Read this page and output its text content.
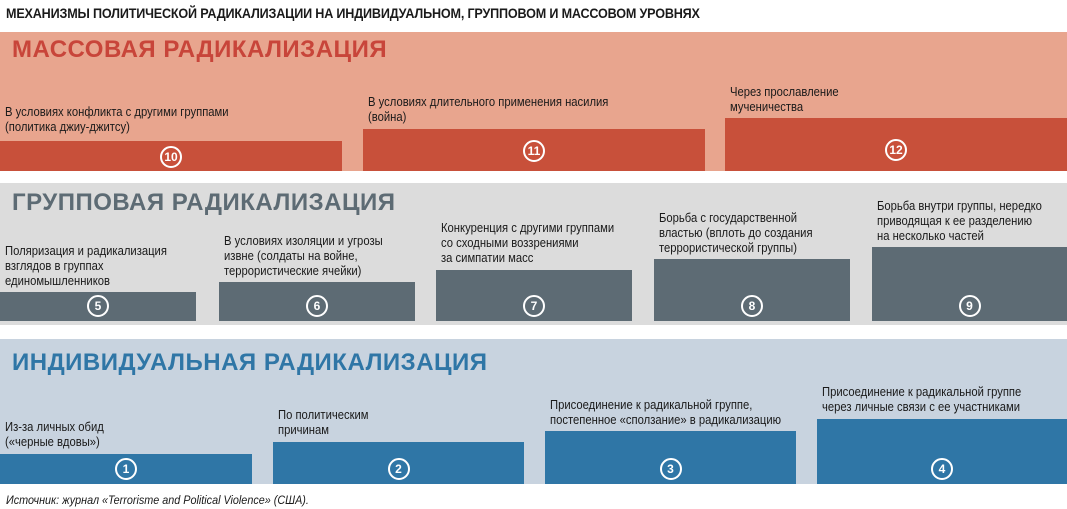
МЕХАНИЗМЫ ПОЛИТИЧЕСКОЙ РАДИКАЛИЗАЦИИ НА ИНДИВИДУАЛЬНОМ, ГРУППОВОМ И МАССОВОМ УРОВНЯХ
МАССОВАЯ РАДИКАЛИЗАЦИЯ
В условиях конфликта с другими группами
(политика джиу-джитсу)
10
В условиях длительного применения насилия
(война)
11
Через прославление
мученичества
12
ГРУППОВАЯ РАДИКАЛИЗАЦИЯ
Поляризация и радикализация
взглядов в группах
единомышленников
5
В условиях изоляции и угрозы
извне (солдаты на войне,
террористические ячейки)
6
Конкуренция с другими группами
со сходными воззрениями
за симпатии масс
7
Борьба с государственной
властью (вплоть до создания
террористической группы)
8
Борьба внутри группы, нередко
приводящая к ее разделению
на несколько частей
9
ИНДИВИДУАЛЬНАЯ РАДИКАЛИЗАЦИЯ
Из-за личных обид
(«черные вдовы»)
1
По политическим
причинам
2
Присоединение к радикальной группе,
постепенное «сползание» в радикализацию
3
Присоединение к радикальной группе
через личные связи с ее участниками
4
Источник: журнал «Terrorisme and Political Violence» (США).
